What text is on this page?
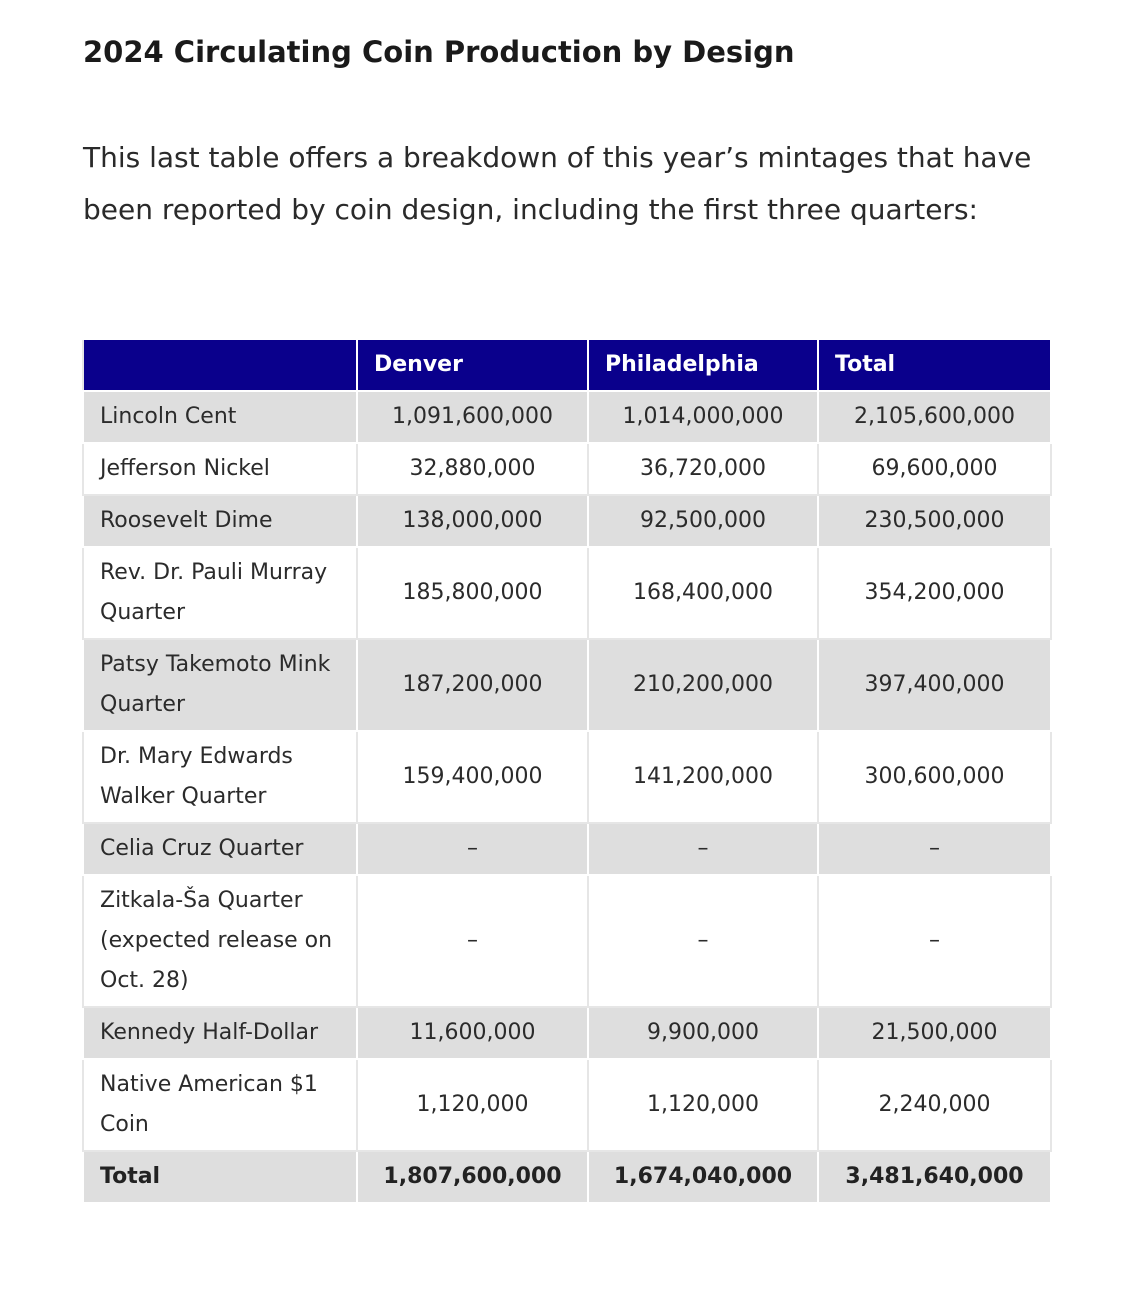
2024 Circulating Coin Production by Design

This last table offers a breakdown of this year’s mintages that have been reported by coin design, including the first three quarters:

	Denver	Philadelphia	Total
Lincoln Cent	1,091,600,000	1,014,000,000	2,105,600,000
Jefferson Nickel	32,880,000	36,720,000	69,600,000
Roosevelt Dime	138,000,000	92,500,000	230,500,000
Rev. Dr. Pauli Murray Quarter	185,800,000	168,400,000	354,200,000
Patsy Takemoto Mink Quarter	187,200,000	210,200,000	397,400,000
Dr. Mary Edwards Walker Quarter	159,400,000	141,200,000	300,600,000
Celia Cruz Quarter	–	–	–
Zitkala-Ša Quarter (expected release on Oct. 28)	–	–	–
Kennedy Half-Dollar	11,600,000	9,900,000	21,500,000
Native American $1 Coin	1,120,000	1,120,000	2,240,000
Total	1,807,600,000	1,674,040,000	3,481,640,000
